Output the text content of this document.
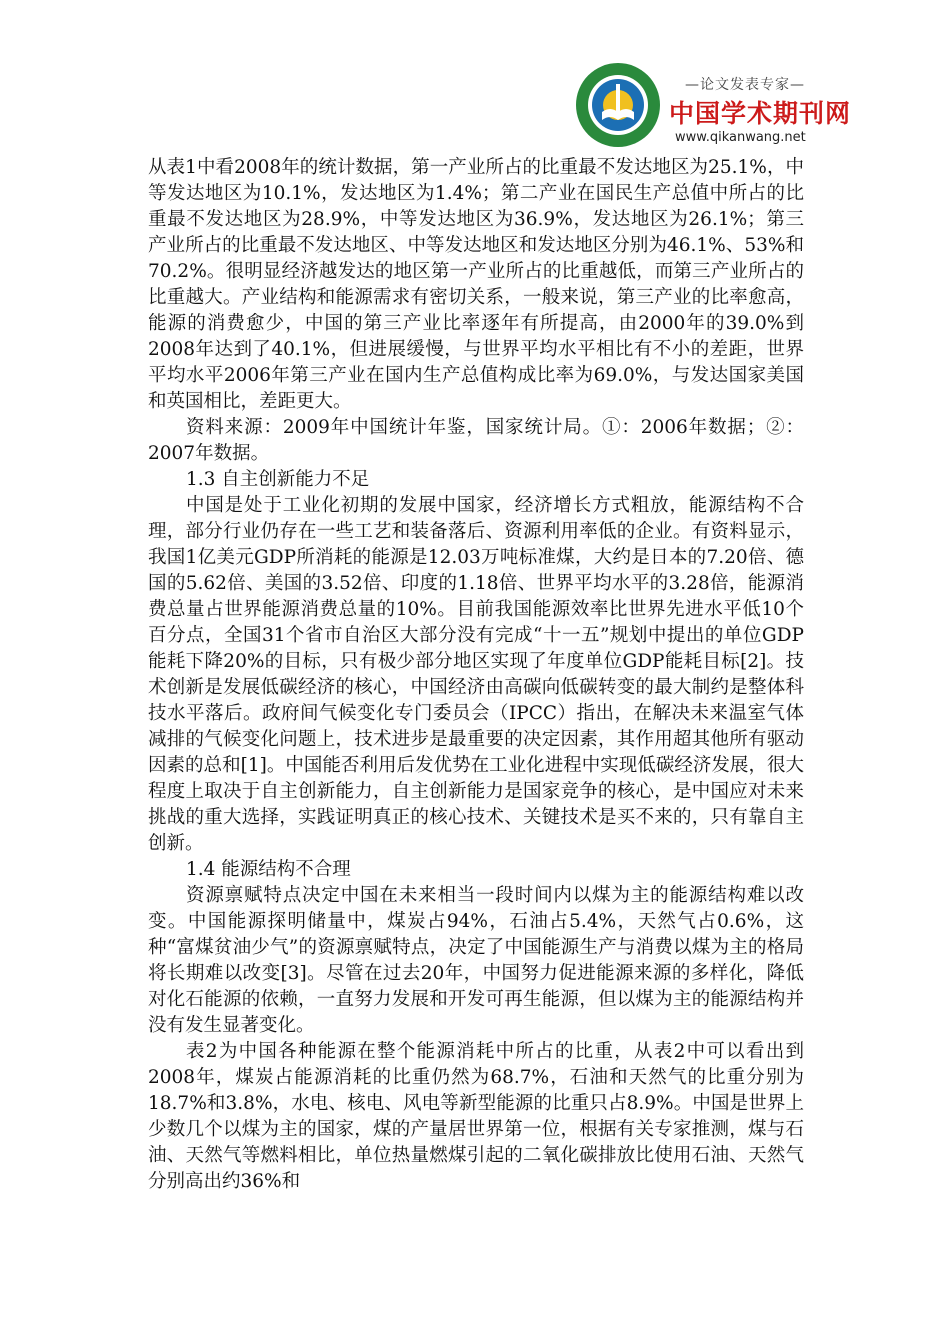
—论文发表专家—
中国学术期刊网
www.qikanwang.net

从表1中看2008年的统计数据，第一产业所占的比重最不发达地区为25.1%，中等发达地区为10.1%，发达地区为1.4%；第二产业在国民生产总值中所占的比重最不发达地区为28.9%，中等发达地区为36.9%，发达地区为26.1%；第三产业所占的比重最不发达地区、中等发达地区和发达地区分别为46.1%、53%和70.2%。很明显经济越发达的地区第一产业所占的比重越低，而第三产业所占的比重越大。产业结构和能源需求有密切关系，一般来说，第三产业的比率愈高，能源的消费愈少，中国的第三产业比率逐年有所提高，由2000年的39.0%到2008年达到了40.1%，但进展缓慢，与世界平均水平相比有不小的差距，世界平均水平2006年第三产业在国内生产总值构成比率为69.0%，与发达国家美国和英国相比，差距更大。

资料来源：2009年中国统计年鉴，国家统计局。①：2006年数据；②：2007年数据。

1.3 自主创新能力不足

中国是处于工业化初期的发展中国家，经济增长方式粗放，能源结构不合理，部分行业仍存在一些工艺和装备落后、资源利用率低的企业。有资料显示，我国1亿美元GDP所消耗的能源是12.03万吨标准煤，大约是日本的7.20倍、德国的5.62倍、美国的3.52倍、印度的1.18倍、世界平均水平的3.28倍，能源消费总量占世界能源消费总量的10%。目前我国能源效率比世界先进水平低10个百分点，全国31个省市自治区大部分没有完成“十一五”规划中提出的单位GDP能耗下降20%的目标，只有极少部分地区实现了年度单位GDP能耗目标[2]。技术创新是发展低碳经济的核心，中国经济由高碳向低碳转变的最大制约是整体科技水平落后。政府间气候变化专门委员会（IPCC）指出，在解决未来温室气体减排的气候变化问题上，技术进步是最重要的决定因素，其作用超其他所有驱动因素的总和[1]。中国能否利用后发优势在工业化进程中实现低碳经济发展，很大程度上取决于自主创新能力，自主创新能力是国家竞争的核心，是中国应对未来挑战的重大选择，实践证明真正的核心技术、关键技术是买不来的，只有靠自主创新。

1.4 能源结构不合理

资源禀赋特点决定中国在未来相当一段时间内以煤为主的能源结构难以改变。中国能源探明储量中，煤炭占94%，石油占5.4%，天然气占0.6%，这种“富煤贫油少气”的资源禀赋特点，决定了中国能源生产与消费以煤为主的格局将长期难以改变[3]。尽管在过去20年，中国努力促进能源来源的多样化，降低对化石能源的依赖，一直努力发展和开发可再生能源，但以煤为主的能源结构并没有发生显著变化。

表2为中国各种能源在整个能源消耗中所占的比重，从表2中可以看出到2008年，煤炭占能源消耗的比重仍然为68.7%，石油和天然气的比重分别为18.7%和3.8%，水电、核电、风电等新型能源的比重只占8.9%。中国是世界上少数几个以煤为主的国家，煤的产量居世界第一位，根据有关专家推测，煤与石油、天然气等燃料相比，单位热量燃煤引起的二氧化碳排放比使用石油、天然气分别高出约36%和
